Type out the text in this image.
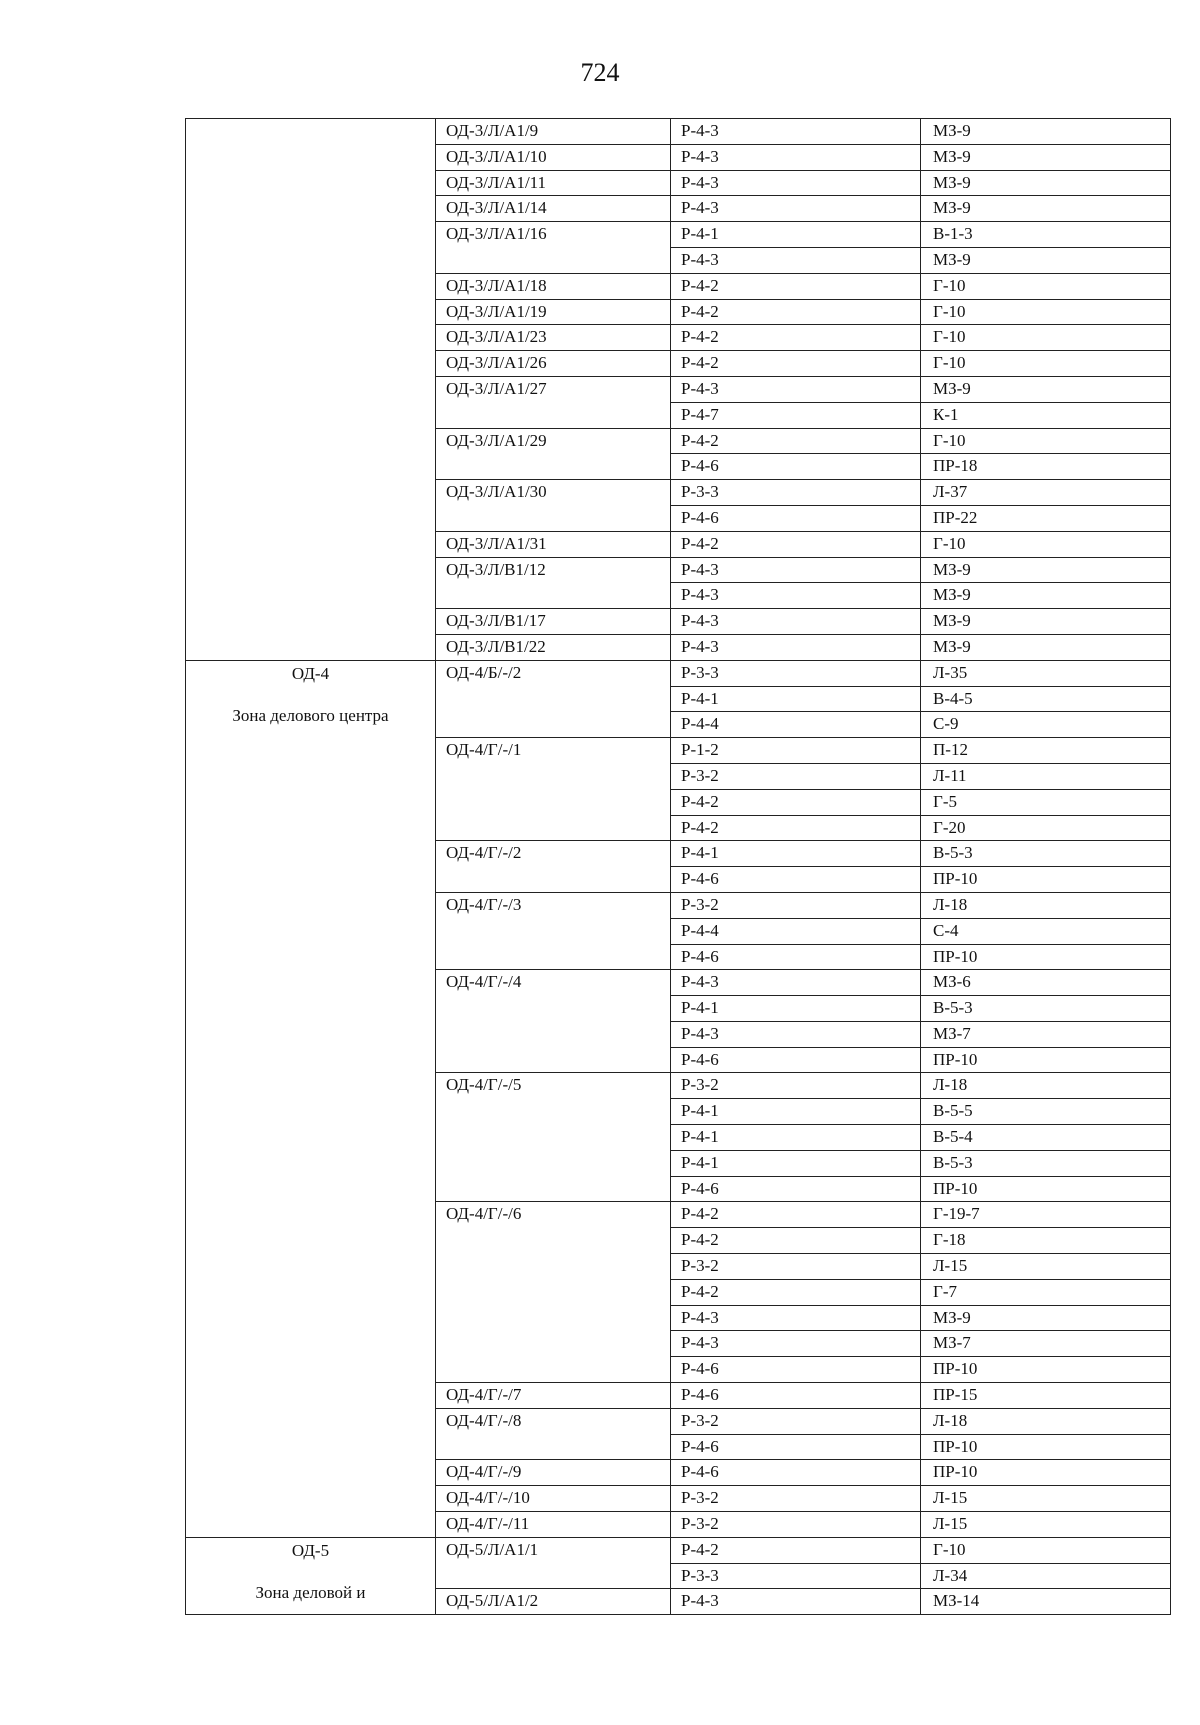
724
	ОД-3/Л/А1/9	Р-4-3	МЗ-9
	ОД-3/Л/А1/10	Р-4-3	МЗ-9
	ОД-3/Л/А1/11	Р-4-3	МЗ-9
	ОД-3/Л/А1/14	Р-4-3	МЗ-9
	ОД-3/Л/А1/16	Р-4-1	В-1-3
		Р-4-3	МЗ-9
	ОД-3/Л/А1/18	Р-4-2	Г-10
	ОД-3/Л/А1/19	Р-4-2	Г-10
	ОД-3/Л/А1/23	Р-4-2	Г-10
	ОД-3/Л/А1/26	Р-4-2	Г-10
	ОД-3/Л/А1/27	Р-4-3	МЗ-9
		Р-4-7	К-1
	ОД-3/Л/А1/29	Р-4-2	Г-10
		Р-4-6	ПР-18
	ОД-3/Л/А1/30	Р-3-3	Л-37
		Р-4-6	ПР-22
	ОД-3/Л/А1/31	Р-4-2	Г-10
	ОД-3/Л/В1/12	Р-4-3	МЗ-9
		Р-4-3	МЗ-9
	ОД-3/Л/В1/17	Р-4-3	МЗ-9
	ОД-3/Л/В1/22	Р-4-3	МЗ-9

ОД-4
Зона делового центра	ОД-4/Б/-/2	Р-3-3	Л-35
		Р-4-1	В-4-5
		Р-4-4	С-9
	ОД-4/Г/-/1	Р-1-2	П-12
		Р-3-2	Л-11
		Р-4-2	Г-5
		Р-4-2	Г-20
	ОД-4/Г/-/2	Р-4-1	В-5-3
		Р-4-6	ПР-10
	ОД-4/Г/-/3	Р-3-2	Л-18
		Р-4-4	С-4
		Р-4-6	ПР-10
	ОД-4/Г/-/4	Р-4-3	МЗ-6
		Р-4-1	В-5-3
		Р-4-3	МЗ-7
		Р-4-6	ПР-10
	ОД-4/Г/-/5	Р-3-2	Л-18
		Р-4-1	В-5-5
		Р-4-1	В-5-4
		Р-4-1	В-5-3
		Р-4-6	ПР-10
	ОД-4/Г/-/6	Р-4-2	Г-19-7
		Р-4-2	Г-18
		Р-3-2	Л-15
		Р-4-2	Г-7
		Р-4-3	МЗ-9
		Р-4-3	МЗ-7
		Р-4-6	ПР-10
	ОД-4/Г/-/7	Р-4-6	ПР-15
	ОД-4/Г/-/8	Р-3-2	Л-18
		Р-4-6	ПР-10
	ОД-4/Г/-/9	Р-4-6	ПР-10
	ОД-4/Г/-/10	Р-3-2	Л-15
	ОД-4/Г/-/11	Р-3-2	Л-15

ОД-5
Зона деловой и	ОД-5/Л/А1/1	Р-4-2	Г-10
		Р-3-3	Л-34
	ОД-5/Л/А1/2	Р-4-3	МЗ-14
